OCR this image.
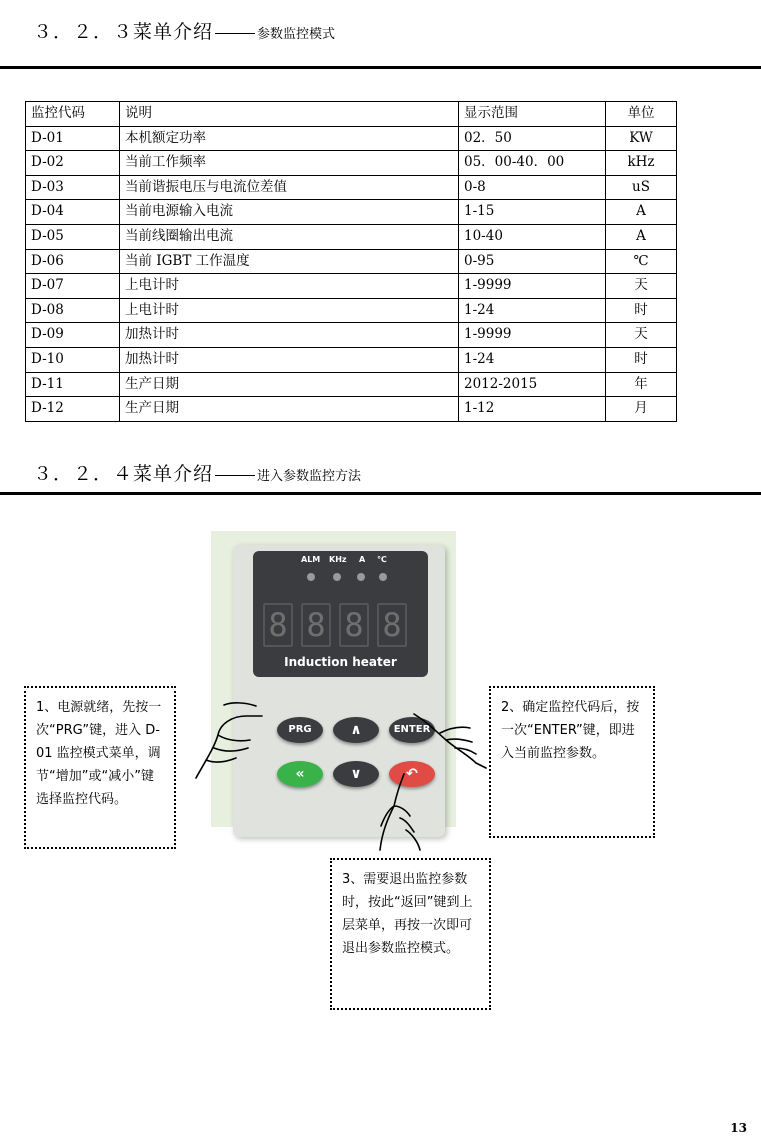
３．２．３菜单介绍	参数监控模式
监控代码	说明	显示范围	单位
D-01	本机额定功率	02．50	KW
D-02	当前工作频率	05．00-40．00	kHz
D-03	当前谐振电压与电流位差值	0-8	uS
D-04	当前电源输入电流	1-15	A
D-05	当前线圈输出电流	10-40	A
D-06	当前 IGBT 工作温度	0-95	℃
D-07	上电计时	1-9999	天
D-08	上电计时	1-24	时
D-09	加热计时	1-9999	天
D-10	加热计时	1-24	时
D-11	生产日期	2012-2015	年
D-12	生产日期	1-12	月
３．２．４菜单介绍	进入参数监控方法
ALM KHz A ℃
8 8 8 8
Induction heater
PRG	∧	ENTER
«	∨	↶
1、电源就绪，先按一次“PRG”键，进入 D-01 监控模式菜单，调节“增加”或“减小”键选择监控代码。
2、确定监控代码后，按一次“ENTER”键，即进入当前监控参数。
3、需要退出监控参数时，按此“返回”键到上层菜单，再按一次即可退出参数监控模式。
13
